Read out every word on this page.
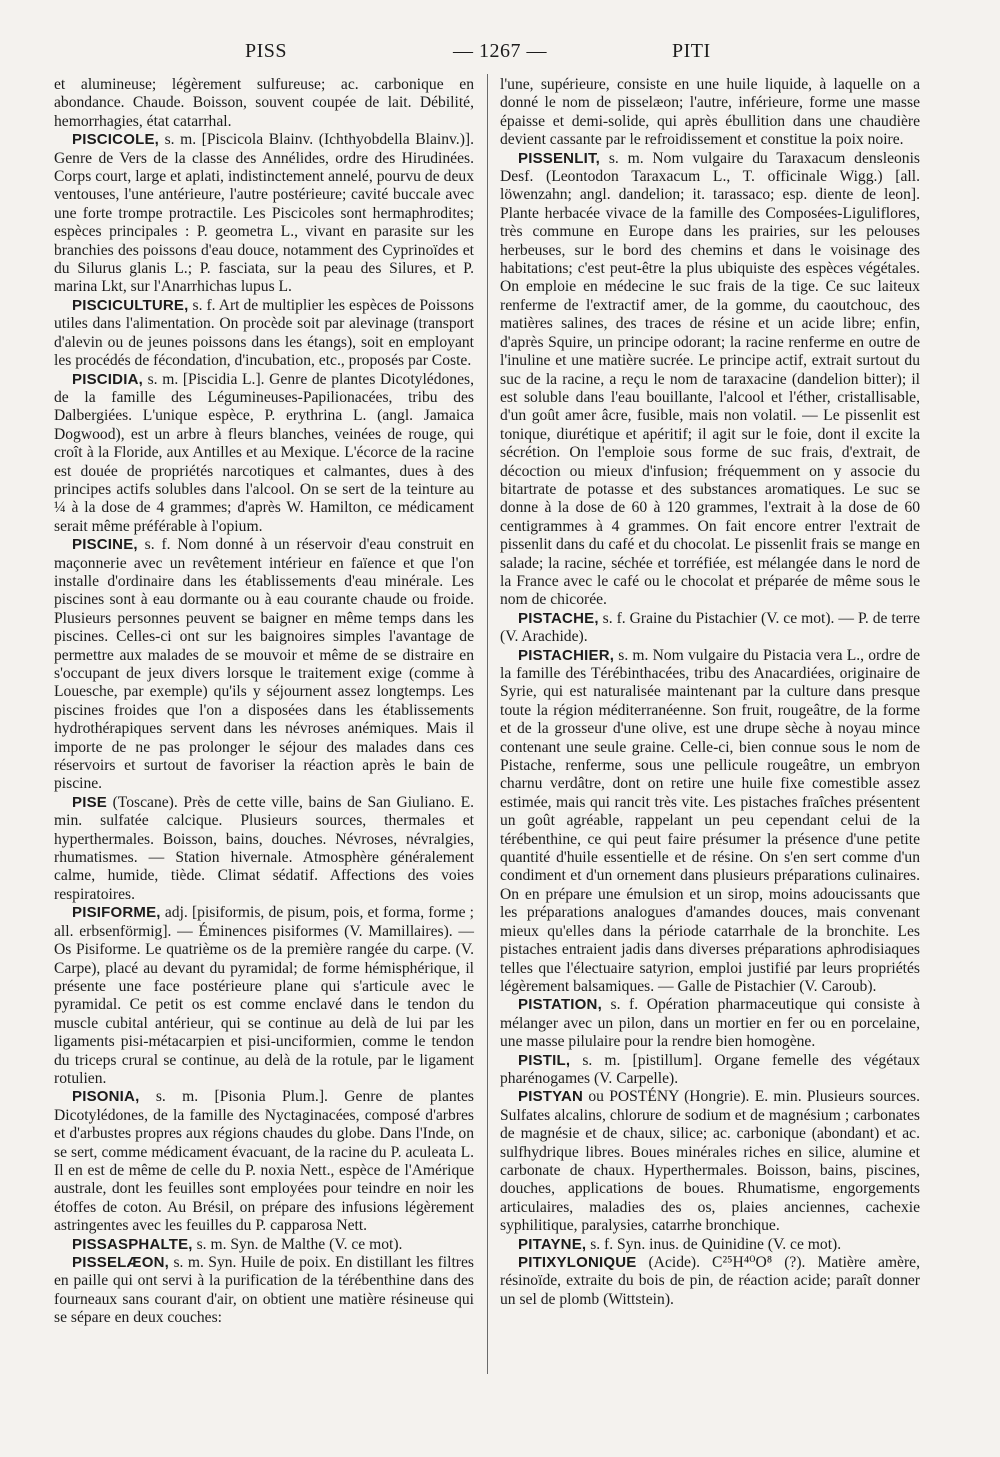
PISS	— 1267 —	PITI

et alumineuse; légèrement sulfureuse; ac. carbonique en abondance. Chaude. Boisson, souvent coupée de lait. Débilité, hemorrhagies, état catarrhal.

PISCICOLE, s. m. [Piscicola Blainv. (Ichthyobdella Blainv.)]. Genre de Vers de la classe des Annélides, ordre des Hirudinées. Corps court, large et aplati, indistinctement annelé, pourvu de deux ventouses, l'une antérieure, l'autre postérieure; cavité buccale avec une forte trompe protractile. Les Piscicoles sont hermaphrodites; espèces principales : P. geometra L., vivant en parasite sur les branchies des poissons d'eau douce, notamment des Cyprinoïdes et du Silurus glanis L.; P. fasciata, sur la peau des Silures, et P. marina Lkt, sur l'Anarrhichas lupus L.

PISCICULTURE, s. f. Art de multiplier les espèces de Poissons utiles dans l'alimentation. On procède soit par alevinage (transport d'alevin ou de jeunes poissons dans les étangs), soit en employant les procédés de fécondation, d'incubation, etc., proposés par Coste.

PISCIDIA, s. m. [Piscidia L.]. Genre de plantes Dicotylédones, de la famille des Légumineuses-Papilionacées, tribu des Dalbergiées. L'unique espèce, P. erythrina L. (angl. Jamaica Dogwood), est un arbre à fleurs blanches, veinées de rouge, qui croît à la Floride, aux Antilles et au Mexique. L'écorce de la racine est douée de propriétés narcotiques et calmantes, dues à des principes actifs solubles dans l'alcool. On se sert de la teinture au ¼ à la dose de 4 grammes; d'après W. Hamilton, ce médicament serait même préférable à l'opium.

PISCINE, s. f. Nom donné à un réservoir d'eau construit en maçonnerie avec un revêtement intérieur en faïence et que l'on installe d'ordinaire dans les établissements d'eau minérale. Les piscines sont à eau dormante ou à eau courante chaude ou froide. Plusieurs personnes peuvent se baigner en même temps dans les piscines. Celles-ci ont sur les baignoires simples l'avantage de permettre aux malades de se mouvoir et même de se distraire en s'occupant de jeux divers lorsque le traitement exige (comme à Louesche, par exemple) qu'ils y séjournent assez longtemps. Les piscines froides que l'on a disposées dans les établissements hydrothérapiques servent dans les névroses anémiques. Mais il importe de ne pas prolonger le séjour des malades dans ces réservoirs et surtout de favoriser la réaction après le bain de piscine.

PISE (Toscane). Près de cette ville, bains de San Giuliano. E. min. sulfatée calcique. Plusieurs sources, thermales et hyperthermales. Boisson, bains, douches. Névroses, névralgies, rhumatismes. — Station hivernale. Atmosphère généralement calme, humide, tiède. Climat sédatif. Affections des voies respiratoires.

PISIFORME, adj. [pisiformis, de pisum, pois, et forma, forme ; all. erbsenförmig]. — Éminences pisiformes (V. Mamillaires). — Os Pisiforme. Le quatrième os de la première rangée du carpe. (V. Carpe), placé au devant du pyramidal; de forme hémisphérique, il présente une face postérieure plane qui s'articule avec le pyramidal. Ce petit os est comme enclavé dans le tendon du muscle cubital antérieur, qui se continue au delà de lui par les ligaments pisi-métacarpien et pisi-unciformien, comme le tendon du triceps crural se continue, au delà de la rotule, par le ligament rotulien.

PISONIA, s. m. [Pisonia Plum.]. Genre de plantes Dicotylédones, de la famille des Nyctaginacées, composé d'arbres et d'arbustes propres aux régions chaudes du globe. Dans l'Inde, on se sert, comme médicament évacuant, de la racine du P. aculeata L. Il en est de même de celle du P. noxia Nett., espèce de l'Amérique australe, dont les feuilles sont employées pour teindre en noir les étoffes de coton. Au Brésil, on prépare des infusions légèrement astringentes avec les feuilles du P. capparosa Nett.

PISSASPHALTE, s. m. Syn. de Malthe (V. ce mot).

PISSELÆON, s. m. Syn. Huile de poix. En distillant les filtres en paille qui ont servi à la purification de la térébenthine dans des fourneaux sans courant d'air, on obtient une matière résineuse qui se sépare en deux couches:

l'une, supérieure, consiste en une huile liquide, à laquelle on a donné le nom de pisselæon; l'autre, inférieure, forme une masse épaisse et demi-solide, qui après ébullition dans une chaudière devient cassante par le refroidissement et constitue la poix noire.

PISSENLIT, s. m. Nom vulgaire du Taraxacum densleonis Desf. (Leontodon Taraxacum L., T. officinale Wigg.) [all. löwenzahn; angl. dandelion; it. tarassaco; esp. diente de leon]. Plante herbacée vivace de la famille des Composées-Liguliflores, très commune en Europe dans les prairies, sur les pelouses herbeuses, sur le bord des chemins et dans le voisinage des habitations; c'est peut-être la plus ubiquiste des espèces végétales. On emploie en médecine le suc frais de la tige. Ce suc laiteux renferme de l'extractif amer, de la gomme, du caoutchouc, des matières salines, des traces de résine et un acide libre; enfin, d'après Squire, un principe odorant; la racine renferme en outre de l'inuline et une matière sucrée. Le principe actif, extrait surtout du suc de la racine, a reçu le nom de taraxacine (dandelion bitter); il est soluble dans l'eau bouillante, l'alcool et l'éther, cristallisable, d'un goût amer âcre, fusible, mais non volatil. — Le pissenlit est tonique, diurétique et apéritif; il agit sur le foie, dont il excite la sécrétion. On l'emploie sous forme de suc frais, d'extrait, de décoction ou mieux d'infusion; fréquemment on y associe du bitartrate de potasse et des substances aromatiques. Le suc se donne à la dose de 60 à 120 grammes, l'extrait à la dose de 60 centigrammes à 4 grammes. On fait encore entrer l'extrait de pissenlit dans du café et du chocolat. Le pissenlit frais se mange en salade; la racine, séchée et torréfiée, est mélangée dans le nord de la France avec le café ou le chocolat et préparée de même sous le nom de chicorée.

PISTACHE, s. f. Graine du Pistachier (V. ce mot). — P. de terre (V. Arachide).

PISTACHIER, s. m. Nom vulgaire du Pistacia vera L., ordre de la famille des Térébinthacées, tribu des Anacardiées, originaire de Syrie, qui est naturalisée maintenant par la culture dans presque toute la région méditerranéenne. Son fruit, rougeâtre, de la forme et de la grosseur d'une olive, est une drupe sèche à noyau mince contenant une seule graine. Celle-ci, bien connue sous le nom de Pistache, renferme, sous une pellicule rougeâtre, un embryon charnu verdâtre, dont on retire une huile fixe comestible assez estimée, mais qui rancit très vite. Les pistaches fraîches présentent un goût agréable, rappelant un peu cependant celui de la térébenthine, ce qui peut faire présumer la présence d'une petite quantité d'huile essentielle et de résine. On s'en sert comme d'un condiment et d'un ornement dans plusieurs préparations culinaires. On en prépare une émulsion et un sirop, moins adoucissants que les préparations analogues d'amandes douces, mais convenant mieux qu'elles dans la période catarrhale de la bronchite. Les pistaches entraient jadis dans diverses préparations aphrodisiaques telles que l'électuaire satyrion, emploi justifié par leurs propriétés légèrement balsamiques. — Galle de Pistachier (V. Caroub).

PISTATION, s. f. Opération pharmaceutique qui consiste à mélanger avec un pilon, dans un mortier en fer ou en porcelaine, une masse pilulaire pour la rendre bien homogène.

PISTIL, s. m. [pistillum]. Organe femelle des végétaux pharénogames (V. Carpelle).

PISTYAN ou POSTÉNY (Hongrie). E. min. Plusieurs sources. Sulfates alcalins, chlorure de sodium et de magnésium ; carbonates de magnésie et de chaux, silice; ac. carbonique (abondant) et ac. sulfhydrique libres. Boues minérales riches en silice, alumine et carbonate de chaux. Hyperthermales. Boisson, bains, piscines, douches, applications de boues. Rhumatisme, engorgements articulaires, maladies des os, plaies anciennes, cachexie syphilitique, paralysies, catarrhe bronchique.

PITAYNE, s. f. Syn. inus. de Quinidine (V. ce mot).

PITIXYLONIQUE (Acide). C²⁵H⁴⁰O⁸ (?). Matière amère, résinoïde, extraite du bois de pin, de réaction acide; paraît donner un sel de plomb (Wittstein).
